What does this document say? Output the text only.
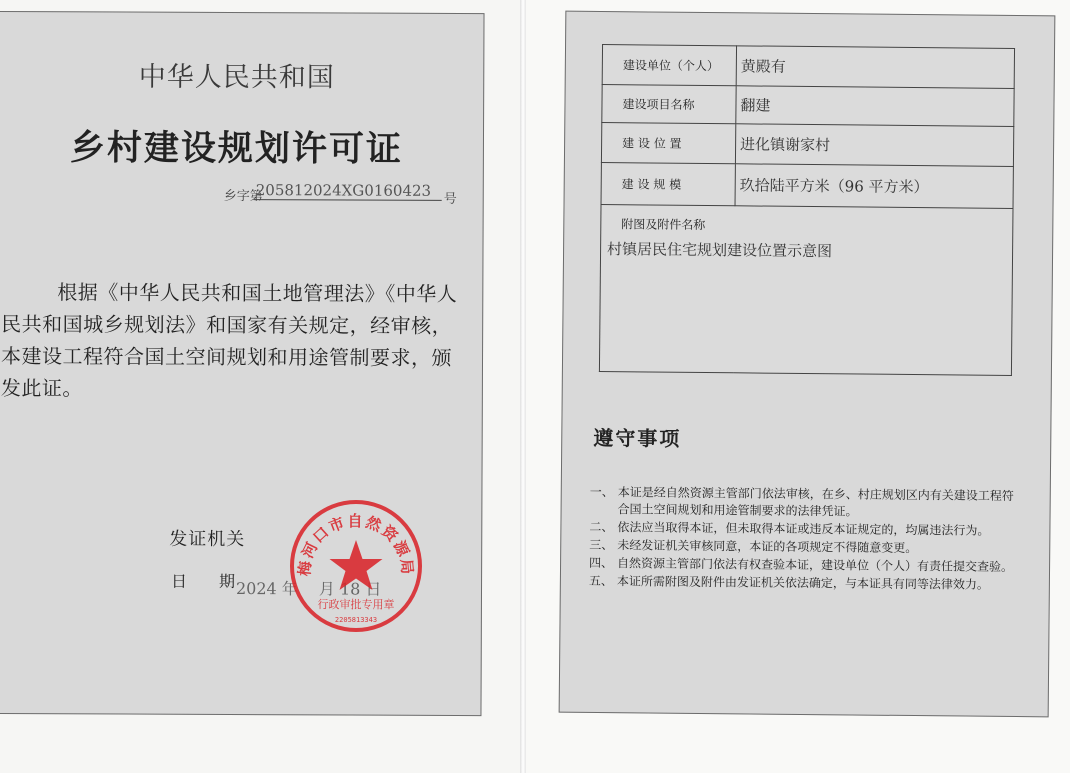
中华人民共和国
乡村建设规划许可证
乡字第
205812024XG0160423 号
根据《中华人民共和国土地管理法》《中华人民共和国城乡规划法》和国家有关规定，经审核，本建设工程符合国土空间规划和用途管制要求，颁发此证。
发证机关
日　　期 2024 年 　月 18 日
梅河口市自然资源局
行政审批专用章
2205813343
建设单位（个人）	黄殿有
建设项目名称	翻建
建 设 位 置	进化镇谢家村
建 设 规 模	玖拾陆平方米（96 平方米）

附图及附件名称
村镇居民住宅规划建设位置示意图	
遵守事项
一、 本证是经自然资源主管部门依法审核，在乡、村庄规划区内有关建设工程符合国土空间规划和用途管制要求的法律凭证。
二、 依法应当取得本证，但未取得本证或违反本证规定的，均属违法行为。
三、 未经发证机关审核同意，本证的各项规定不得随意变更。
四、 自然资源主管部门依法有权查验本证，建设单位（个人）有责任提交查验。
五、 本证所需附图及附件由发证机关依法确定，与本证具有同等法律效力。
